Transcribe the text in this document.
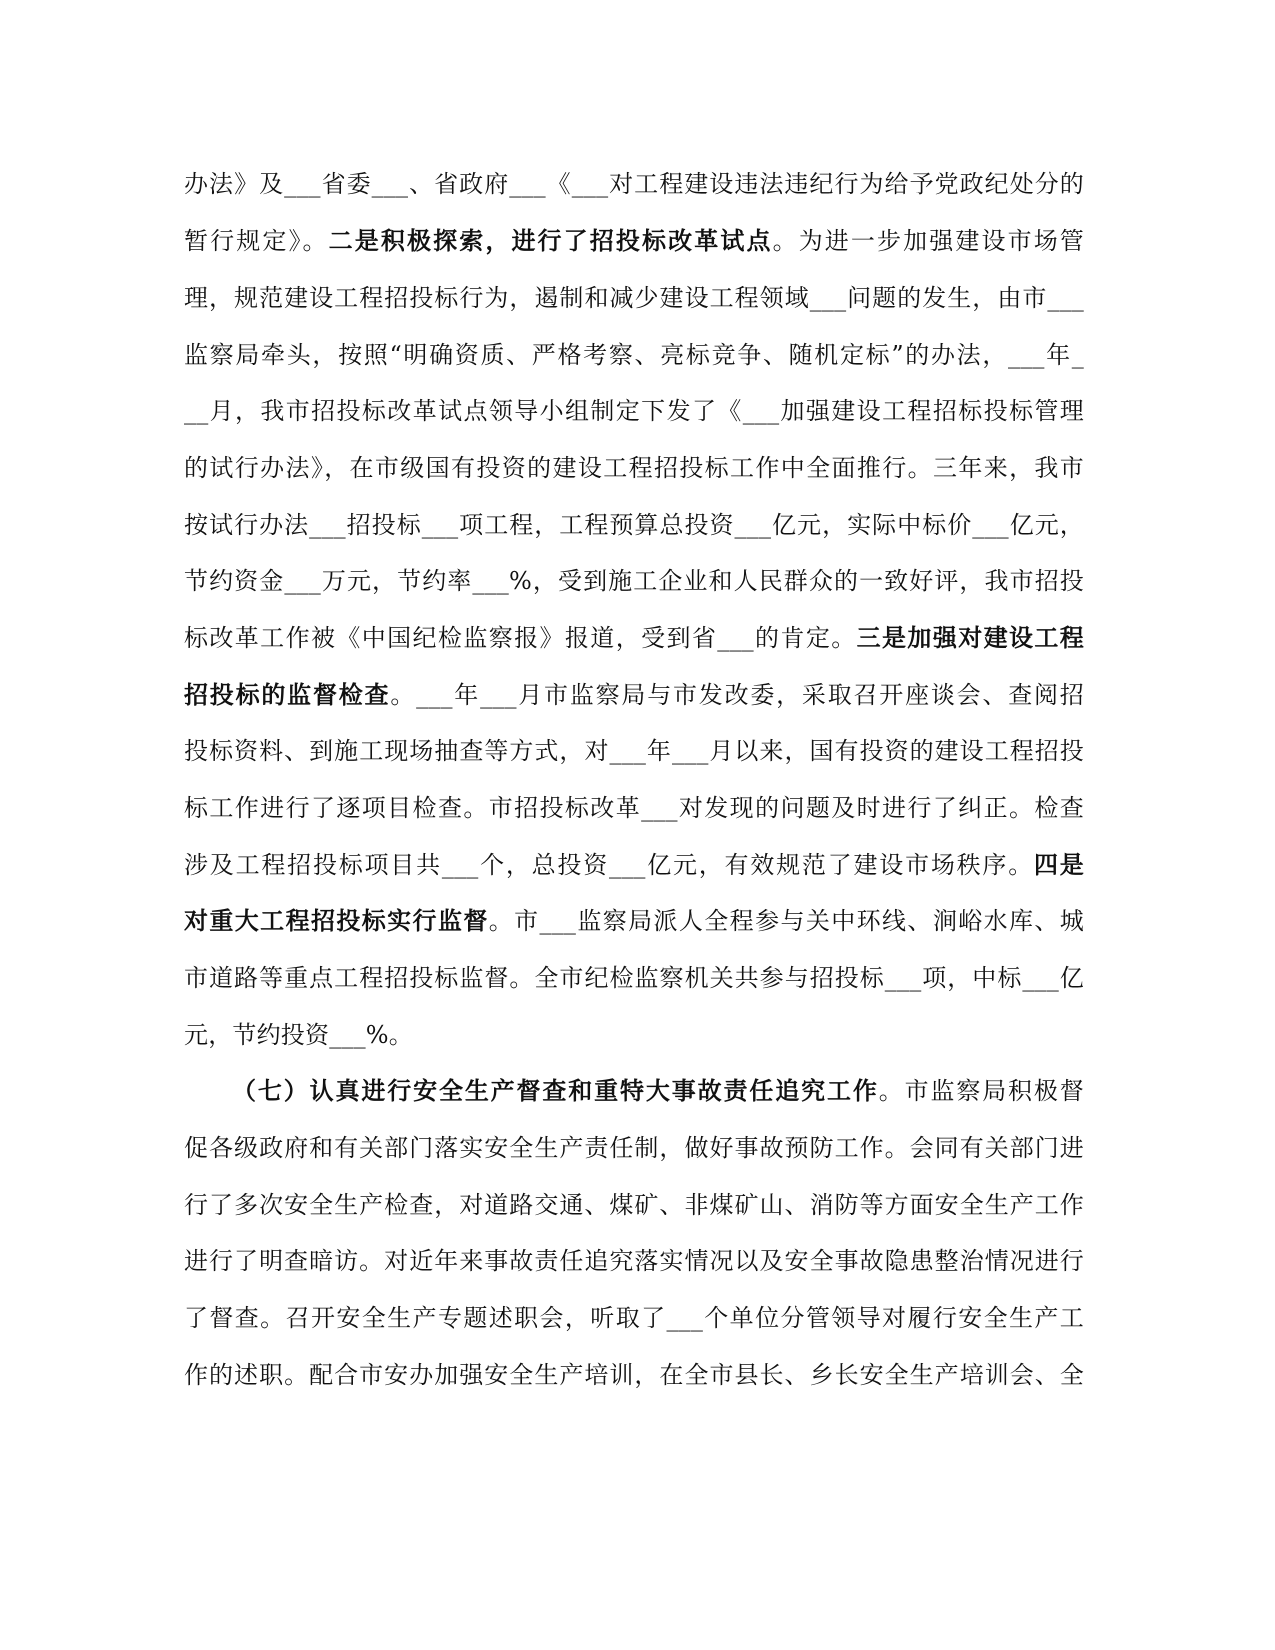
办法》及___省委___、省政府___《___对工程建设违法违纪行为给予党政纪处分的
暂行规定》。二是积极探索，进行了招投标改革试点。为进一步加强建设市场管
理，规范建设工程招投标行为，遏制和减少建设工程领域___问题的发生，由市___
监察局牵头，按照“明确资质、严格考察、亮标竞争、随机定标”的办法，___年_
__月，我市招投标改革试点领导小组制定下发了《___加强建设工程招标投标管理
的试行办法》，在市级国有投资的建设工程招投标工作中全面推行。三年来，我市
按试行办法___招投标___项工程，工程预算总投资___亿元，实际中标价___亿元，
节约资金___万元，节约率___%，受到施工企业和人民群众的一致好评，我市招投
标改革工作被《中国纪检监察报》报道，受到省___的肯定。三是加强对建设工程
招投标的监督检查。___年___月市监察局与市发改委，采取召开座谈会、查阅招
投标资料、到施工现场抽查等方式，对___年___月以来，国有投资的建设工程招投
标工作进行了逐项目检查。市招投标改革___对发现的问题及时进行了纠正。检查
涉及工程招投标项目共___个，总投资___亿元，有效规范了建设市场秩序。四是
对重大工程招投标实行监督。市___监察局派人全程参与关中环线、涧峪水库、城
市道路等重点工程招投标监督。全市纪检监察机关共参与招投标___项，中标___亿
元，节约投资___%。
（七）认真进行安全生产督查和重特大事故责任追究工作。市监察局积极督
促各级政府和有关部门落实安全生产责任制，做好事故预防工作。会同有关部门进
行了多次安全生产检查，对道路交通、煤矿、非煤矿山、消防等方面安全生产工作
进行了明查暗访。对近年来事故责任追究落实情况以及安全事故隐患整治情况进行
了督查。召开安全生产专题述职会，听取了___个单位分管领导对履行安全生产工
作的述职。配合市安办加强安全生产培训，在全市县长、乡长安全生产培训会、全
